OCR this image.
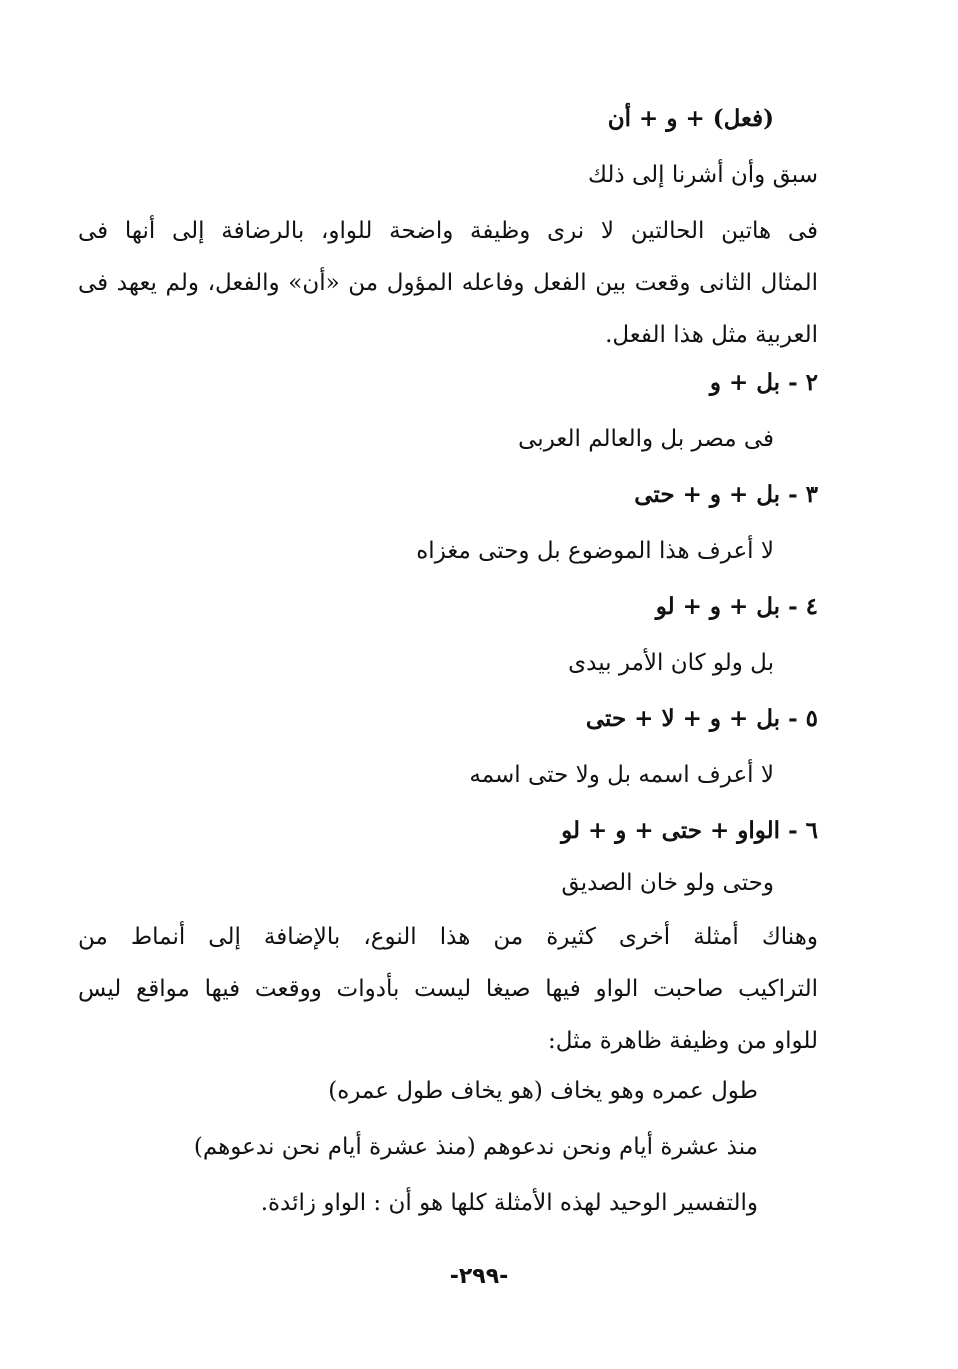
(فعل) + و + أن
سبق وأن أشرنا إلى ذلك
فى هاتين الحالتين لا نرى وظيفة واضحة للواو، بالرضافة إلى أنها فى
المثال الثانى وقعت بين الفعل وفاعله المؤول من «أن» والفعل، ولم يعهد فى
العربية مثل هذا الفعل.
٢ - بل + و
فى مصر بل والعالم العربى
٣ - بل + و + حتى
لا أعرف هذا الموضوع بل وحتى مغزاه
٤ - بل + و + لو
بل ولو كان الأمر بيدى
٥ - بل + و + لا + حتى
لا أعرف اسمه بل ولا حتى اسمه
٦ - الواو + حتى + و + لو
وحتى ولو خان الصديق
وهناك أمثلة أخرى كثيرة من هذا النوع، بالإضافة إلى أنماط من
التراكيب صاحبت الواو فيها صيغا ليست بأدوات ووقعت فيها مواقع ليس
للواو من وظيفة ظاهرة مثل:
طول عمره وهو يخاف (هو يخاف طول عمره)
منذ عشرة أيام ونحن ندعوهم (منذ عشرة أيام نحن ندعوهم)
والتفسير الوحيد لهذه الأمثلة كلها هو أن : الواو زائدة.
-٢٩٩-
